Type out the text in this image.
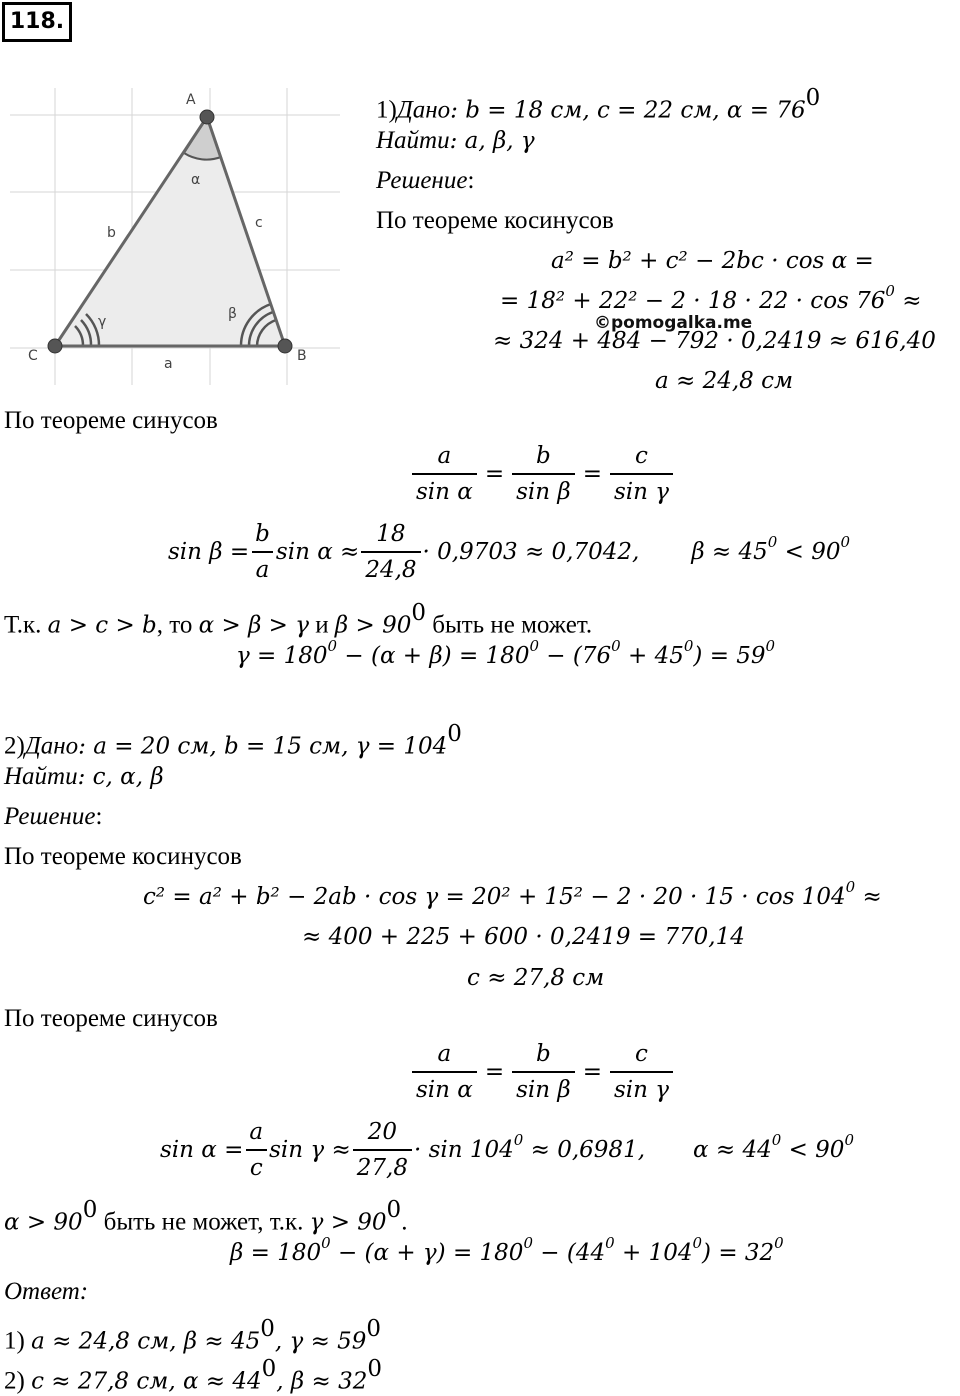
118.
A
B
C	a
b
c
α
β
γ
1)Дано: b = 18 см, c = 22 см, $\alpha = 76^0$
Найти: a, β, γ
Решение:
По теореме косинусов
a² = b² + c² − 2bc · cos α =
= $18^2 + 22^2 - 2 \cdot 18 \cdot 22 \cdot \cos 76^0$ ≈
©pomogalka.me
≈ 324 + 484 − 792 · 0,2419 ≈ 616,40
a ≈ 24,8 см
По теореме синусов
$\frac{a}{\text{sin α}} = \frac{b}{\text{sin β}} = \frac{c}{\text{sin γ}}$
$\sin \beta = \frac{b}{a}$ $\sin \alpha \approx \frac{18}{24,8} \cdot 0,9703 \approx 0,7042$, $\beta \approx 45^0 < 90^0$
Т.к. a > c > b, то α > β > γ и $\beta > 90^0$ быть не может.
$\gamma = 180^0 - (\alpha + \beta) = 180^0 - (76^0 + 45^0) = 59^0$
2)Дано: a = 20 см, b = 15 см, $\gamma = 104^0$
Найти: c, α, β
Решение:
По теореме косинусов
$c^2 = a^2 + b^2 - 2ab \cdot \cos \gamma = 20^2 + 15^2 - 2 \cdot 20 \cdot 15 \cdot \cos 104^0$ ≈
≈ 400 + 225 + 600 · 0,2419 = 770,14
c ≈ 27,8 см
По теореме синусов
$\frac{a}{\text{sin α}} = \frac{b}{\text{sin β}} = \frac{c}{\text{sin γ}}$
$\sin \alpha = \frac{a}{c}$ $\sin \gamma \approx \frac{20}{27,8} \cdot \sin 104^0 \approx 0,6981$, $\alpha \approx 44^0 < 90^0$
$\alpha > 90^0$ быть не может, т.к. $\gamma > 90^0$.
$\beta = 180^0 - (\alpha + \gamma) = 180^0 - (44^0 + 104^0) = 32^0$
Ответ:
1) a ≈ 24,8 см, $\beta \approx 45^0$, $\gamma \approx 59^0$
2) c ≈ 27,8 см, $\alpha \approx 44^0$, $\beta \approx 32^0$
